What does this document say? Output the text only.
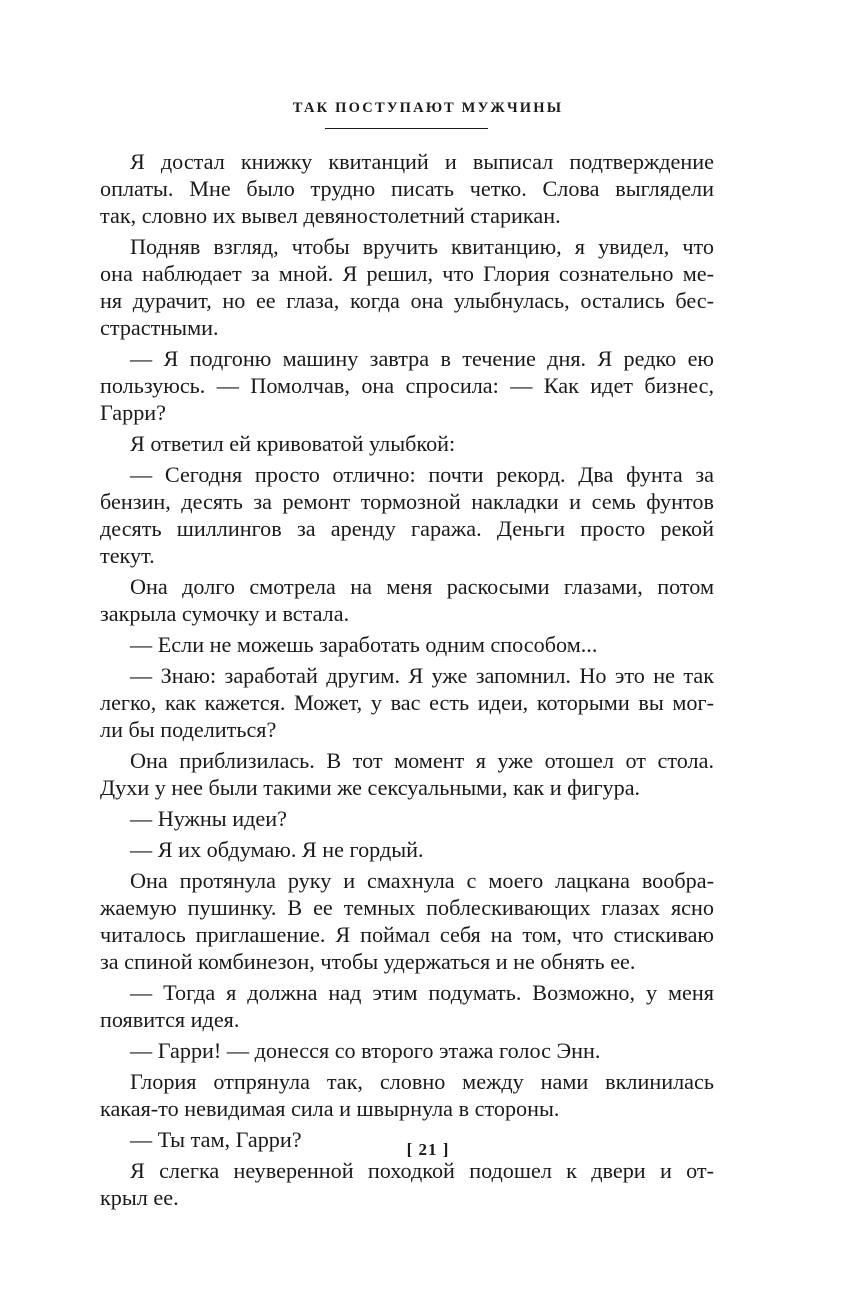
ТАК ПОСТУПАЮТ МУЖЧИНЫ
Я достал книжку квитанций и выписал подтверждение
оплаты. Мне было трудно писать четко. Слова выглядели
так, словно их вывел девяностолетний старикан.
Подняв взгляд, чтобы вручить квитанцию, я увидел, что
она наблюдает за мной. Я решил, что Глория сознательно ме-
ня дурачит, но ее глаза, когда она улыбнулась, остались бес-
страстными.
— Я подгоню машину завтра в течение дня. Я редко ею
пользуюсь. — Помолчав, она спросила: — Как идет бизнес,
Гарри?
Я ответил ей кривоватой улыбкой:
— Сегодня просто отлично: почти рекорд. Два фунта за
бензин, десять за ремонт тормозной накладки и семь фунтов
десять шиллингов за аренду гаража. Деньги просто рекой
текут.
Она долго смотрела на меня раскосыми глазами, потом
закрыла сумочку и встала.
— Если не можешь заработать одним способом...
— Знаю: заработай другим. Я уже запомнил. Но это не так
легко, как кажется. Может, у вас есть идеи, которыми вы мог-
ли бы поделиться?
Она приблизилась. В тот момент я уже отошел от стола.
Духи у нее были такими же сексуальными, как и фигура.
— Нужны идеи?
— Я их обдумаю. Я не гордый.
Она протянула руку и смахнула с моего лацкана вообра-
жаемую пушинку. В ее темных поблескивающих глазах ясно
читалось приглашение. Я поймал себя на том, что стискиваю
за спиной комбинезон, чтобы удержаться и не обнять ее.
— Тогда я должна над этим подумать. Возможно, у меня
появится идея.
— Гарри! — донесся со второго этажа голос Энн.
Глория отпрянула так, словно между нами вклинилась
какая-то невидимая сила и швырнула в стороны.
— Ты там, Гарри?
Я слегка неуверенной походкой подошел к двери и от-
крыл ее.
[ 21 ]
